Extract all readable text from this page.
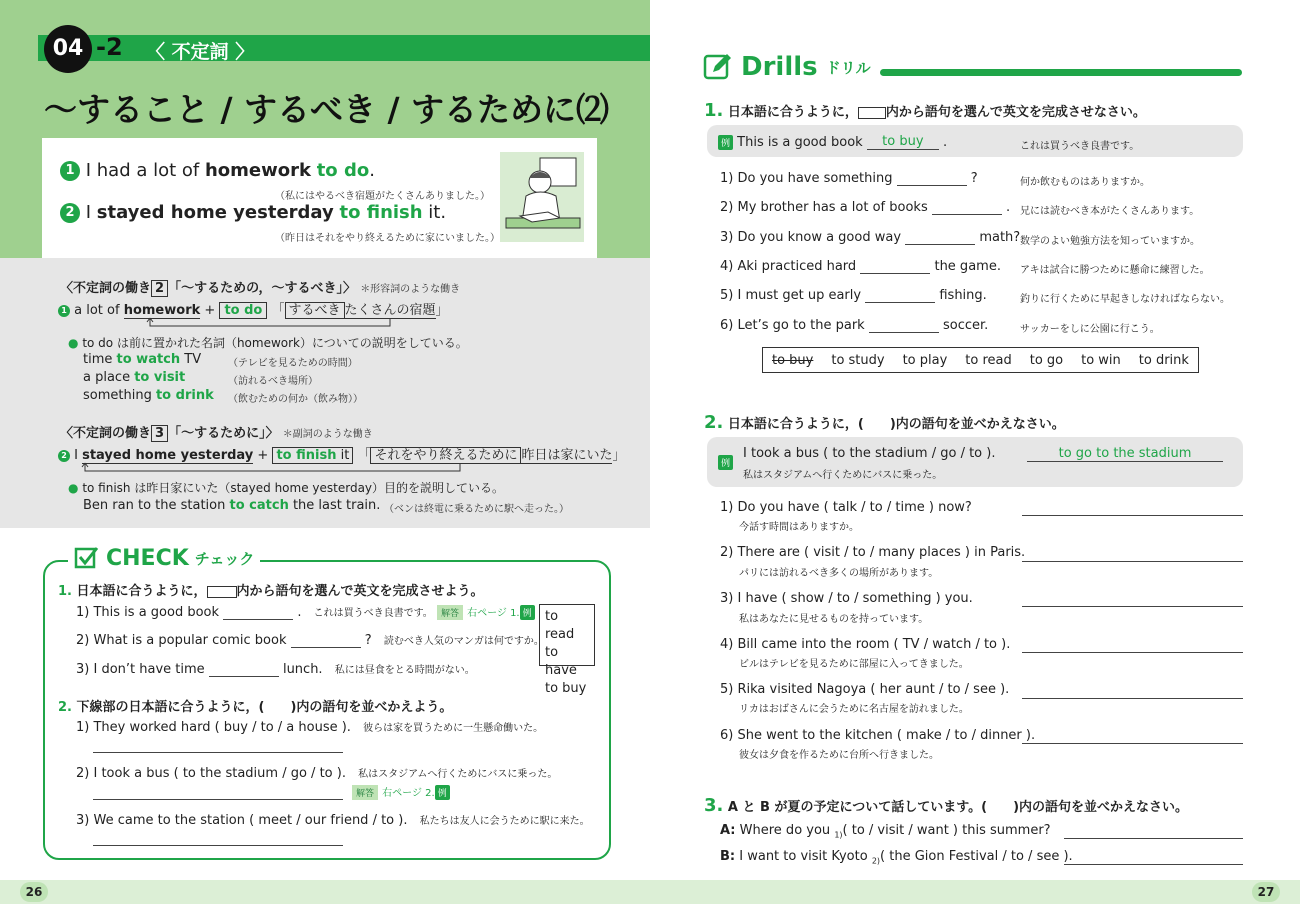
04 -2 〈 不定詞 〉
〜すること / するべき / するために⑵
1 I had a lot of homework to do.
（私にはやるべき宿題がたくさんありました。）
2 I stayed home yesterday to finish it.
（昨日はそれをやり終えるために家にいました。）
〈不定詞の働き 2 「〜するための，〜するべき」〉 ＊形容詞のような働き
1 a lot of homework + to do 「 するべき たくさんの宿題」
● to do は前に置かれた名詞（homework）についての説明をしている。
time to watch TV	（テレビを見るための時間）
a place to visit	（訪れるべき場所）
something to drink （飲むための何か（飲み物））
〈不定詞の働き 3 「〜するために」〉 ＊副詞のような働き
2 I stayed home yesterday + to finish it 「 それをやり終えるために 昨日は家にいた」
● to finish は昨日家にいた（stayed home yesterday）目的を説明している。
Ben ran to the station to catch the last train. （ベンは終電に乗るために駅へ走った。）
CHECK チェック
1. 日本語に合うように， 内から語句を選んで英文を完成させよう。
1) This is a good book	. これは買うべき良書です。 解答 右ページ 1. 例
2) What is a popular comic book	? 読むべき人気のマンガは何ですか。
3) I don’t have time	lunch. 私には昼食をとる時間がない。
to read
to have
to buy
2. 下線部の日本語に合うように，(　　)内の語句を並べかえよう。
1) They worked hard ( buy / to / a house ). 彼らは家を買うために一生懸命働いた。
2) I took a bus ( to the stadium / go / to ). 私はスタジアムへ行くためにバスに乗った。
解答 右ページ 2. 例
3) We came to the station ( meet / our friend / to ). 私たちは友人に会うために駅に来た。
26
Drills ドリル
1. 日本語に合うように， 内から語句を選んで英文を完成させなさい。
例 This is a good book to buy .	これは買うべき良書です。
1) Do you have something	?	何か飲むものはありますか。
2) My brother has a lot of books	. 兄には読むべき本がたくさんあります。
3) Do you know a good way	math? 数学のよい勉強方法を知っていますか。
4) Aki practiced hard	the game. アキは試合に勝つために懸命に練習した。
5) I must get up early	fishing.	釣りに行くために早起きしなければならない。
6) Let’s go to the park	soccer.	サッカーをしに公園に行こう。
to buy to study to play to read to go to win to drink
2. 日本語に合うように，(　　)内の語句を並べかえなさい。
例
I took a bus ( to the stadium / go / to ).
私はスタジアムへ行くためにバスに乗った。
to go to the stadium
1) Do you have ( talk / to / time ) now?
今話す時間はありますか。
2) There are ( visit / to / many places ) in Paris.
パリには訪れるべき多くの場所があります。
3) I have ( show / to / something ) you.
私はあなたに見せるものを持っています。
4) Bill came into the room ( TV / watch / to ).
ビルはテレビを見るために部屋に入ってきました。
5) Rika visited Nagoya ( her aunt / to / see ).
リカはおばさんに会うために名古屋を訪れました。
6) She went to the kitchen ( make / to / dinner ).
彼女は夕食を作るために台所へ行きました。
3. A と B が夏の予定について話しています。(　　)内の語句を並べかえなさい。
A: Where do you $_{1)}$( to / visit / want ) this summer?
B: I want to visit Kyoto $_{2)}$( the Gion Festival / to / see ).
27
